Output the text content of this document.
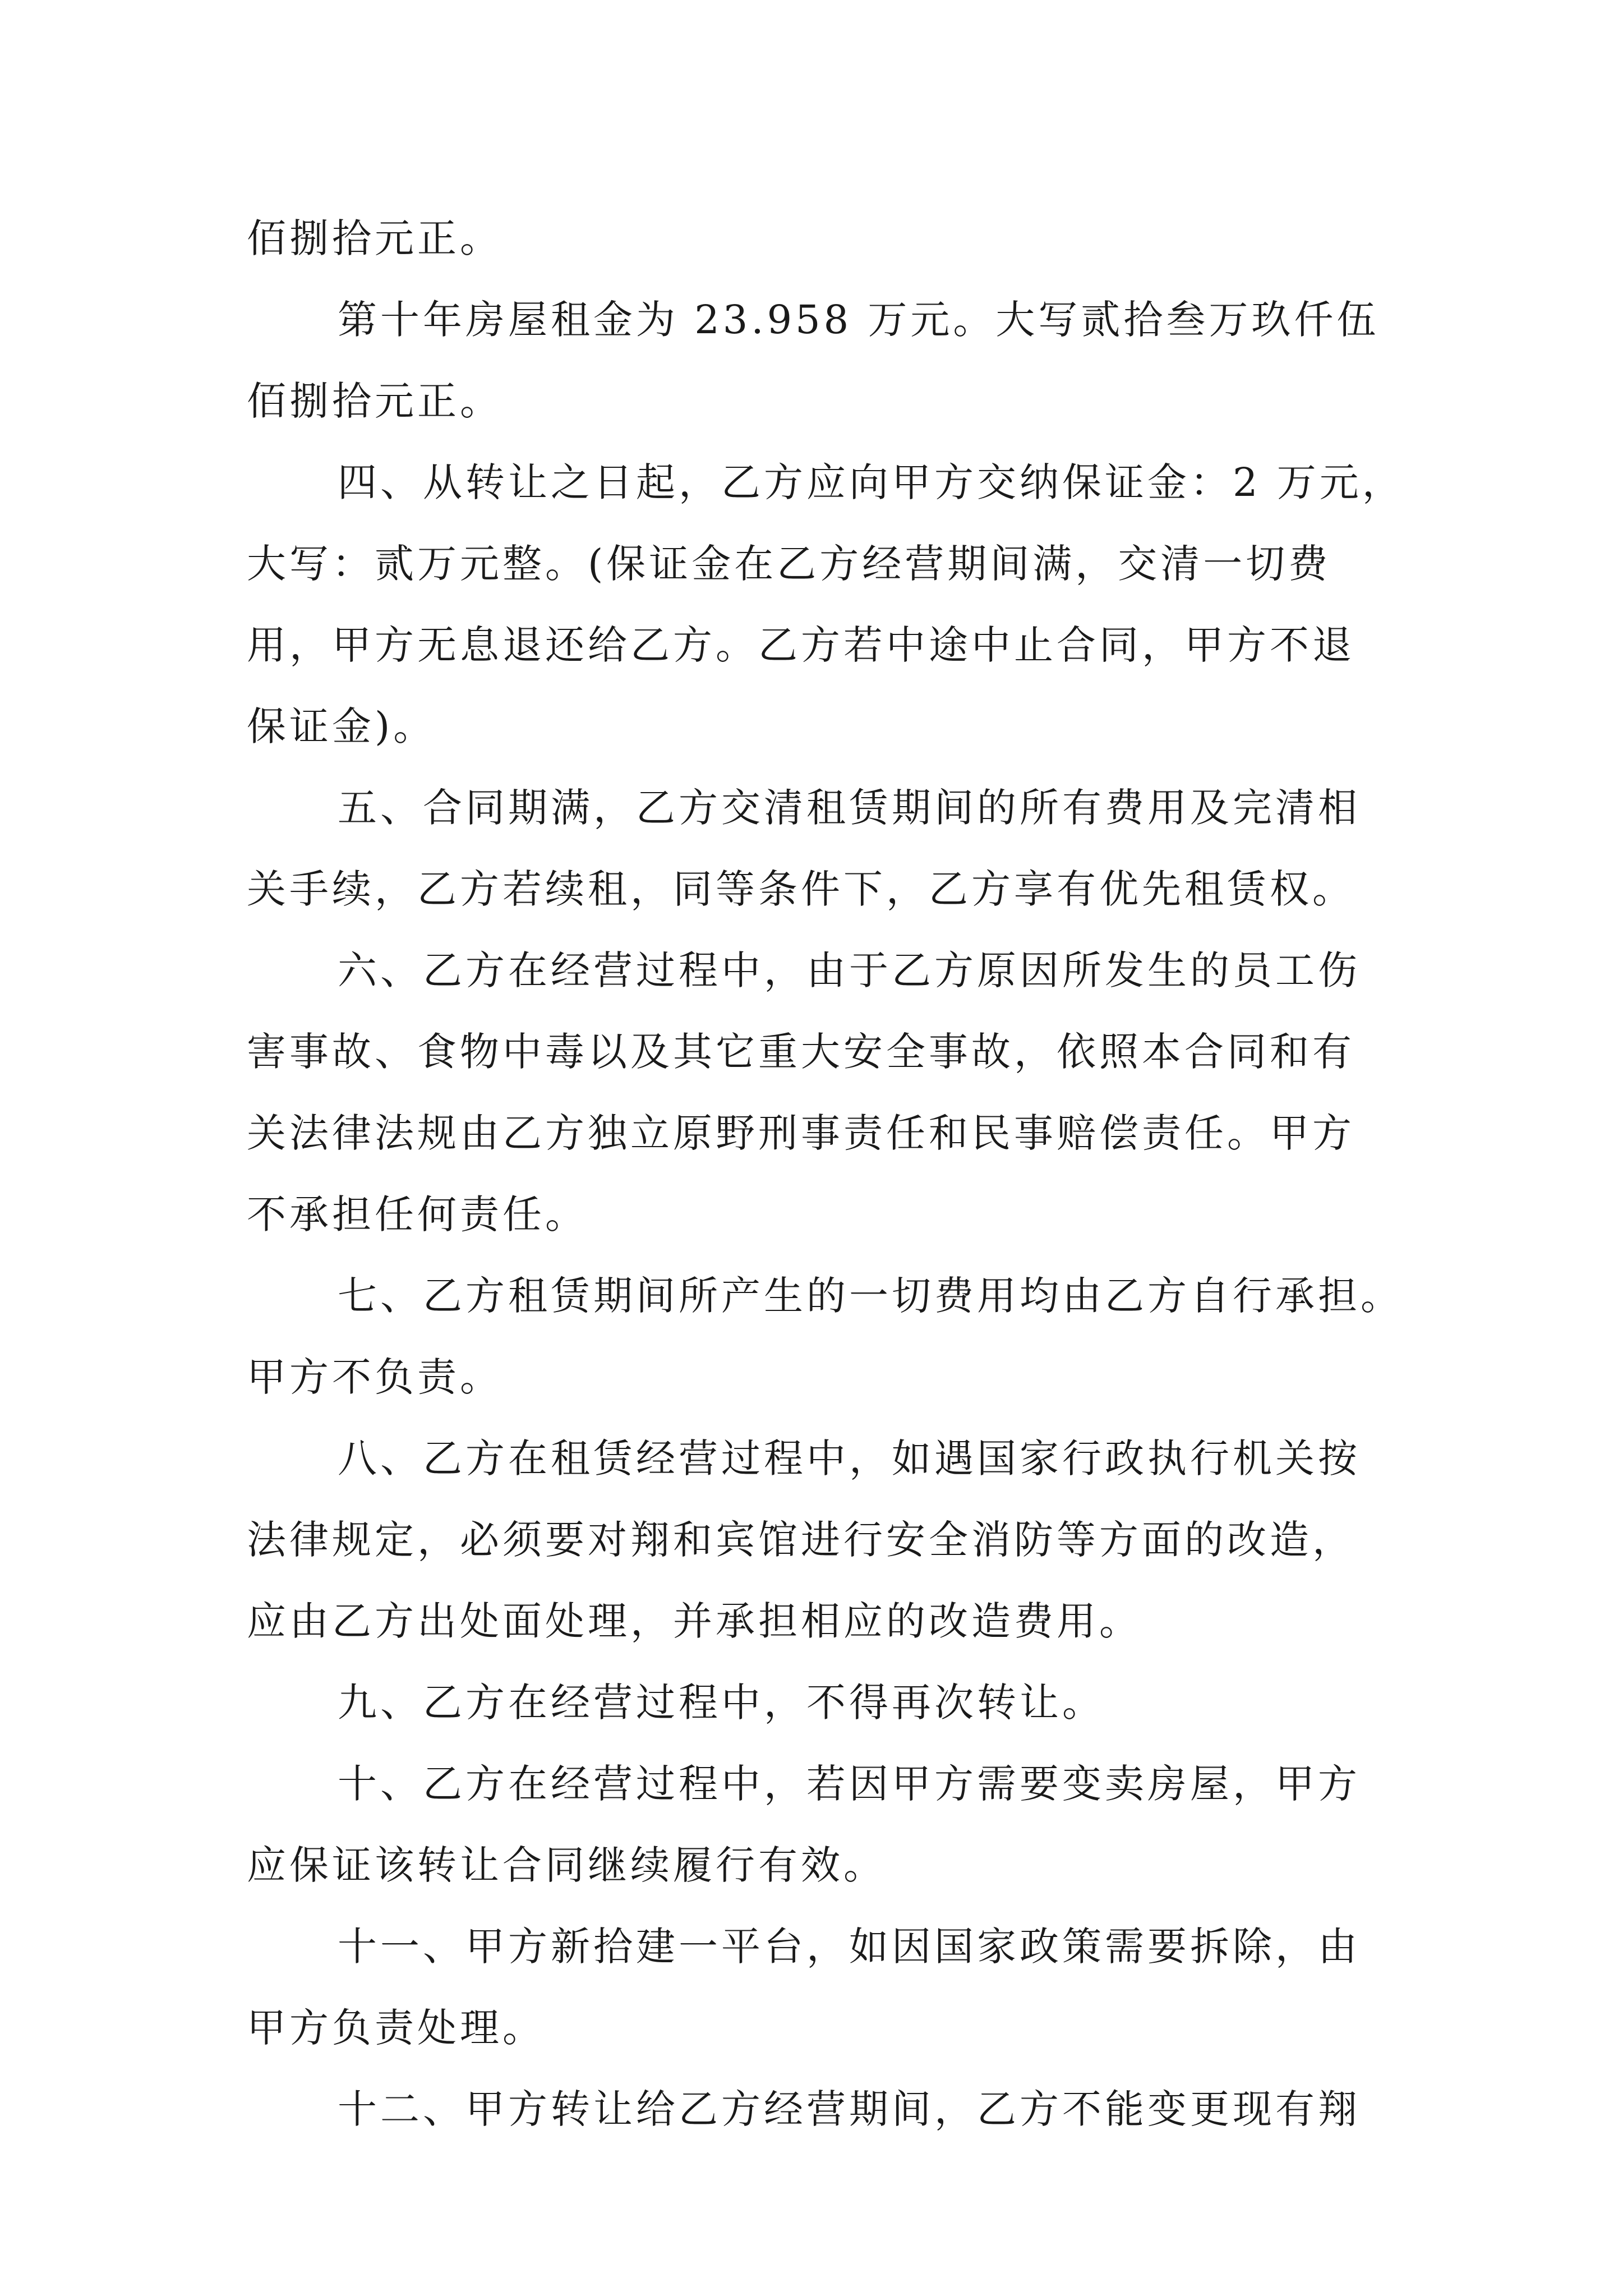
佰捌拾元正。
第十年房屋租金为 23.958 万元。大写贰拾叁万玖仟伍
佰捌拾元正。
四、从转让之日起，乙方应向甲方交纳保证金：2 万元，
大写：贰万元整。(保证金在乙方经营期间满，交清一切费
用，甲方无息退还给乙方。乙方若中途中止合同，甲方不退
保证金)。
五、合同期满，乙方交清租赁期间的所有费用及完清相
关手续，乙方若续租，同等条件下，乙方享有优先租赁权。
六、乙方在经营过程中，由于乙方原因所发生的员工伤
害事故、食物中毒以及其它重大安全事故，依照本合同和有
关法律法规由乙方独立原野刑事责任和民事赔偿责任。甲方
不承担任何责任。
七、乙方租赁期间所产生的一切费用均由乙方自行承担。
甲方不负责。
八、乙方在租赁经营过程中，如遇国家行政执行机关按
法律规定，必须要对翔和宾馆进行安全消防等方面的改造，
应由乙方出处面处理，并承担相应的改造费用。
九、乙方在经营过程中，不得再次转让。
十、乙方在经营过程中，若因甲方需要变卖房屋，甲方
应保证该转让合同继续履行有效。
十一、甲方新拾建一平台，如因国家政策需要拆除，由
甲方负责处理。
十二、甲方转让给乙方经营期间，乙方不能变更现有翔
